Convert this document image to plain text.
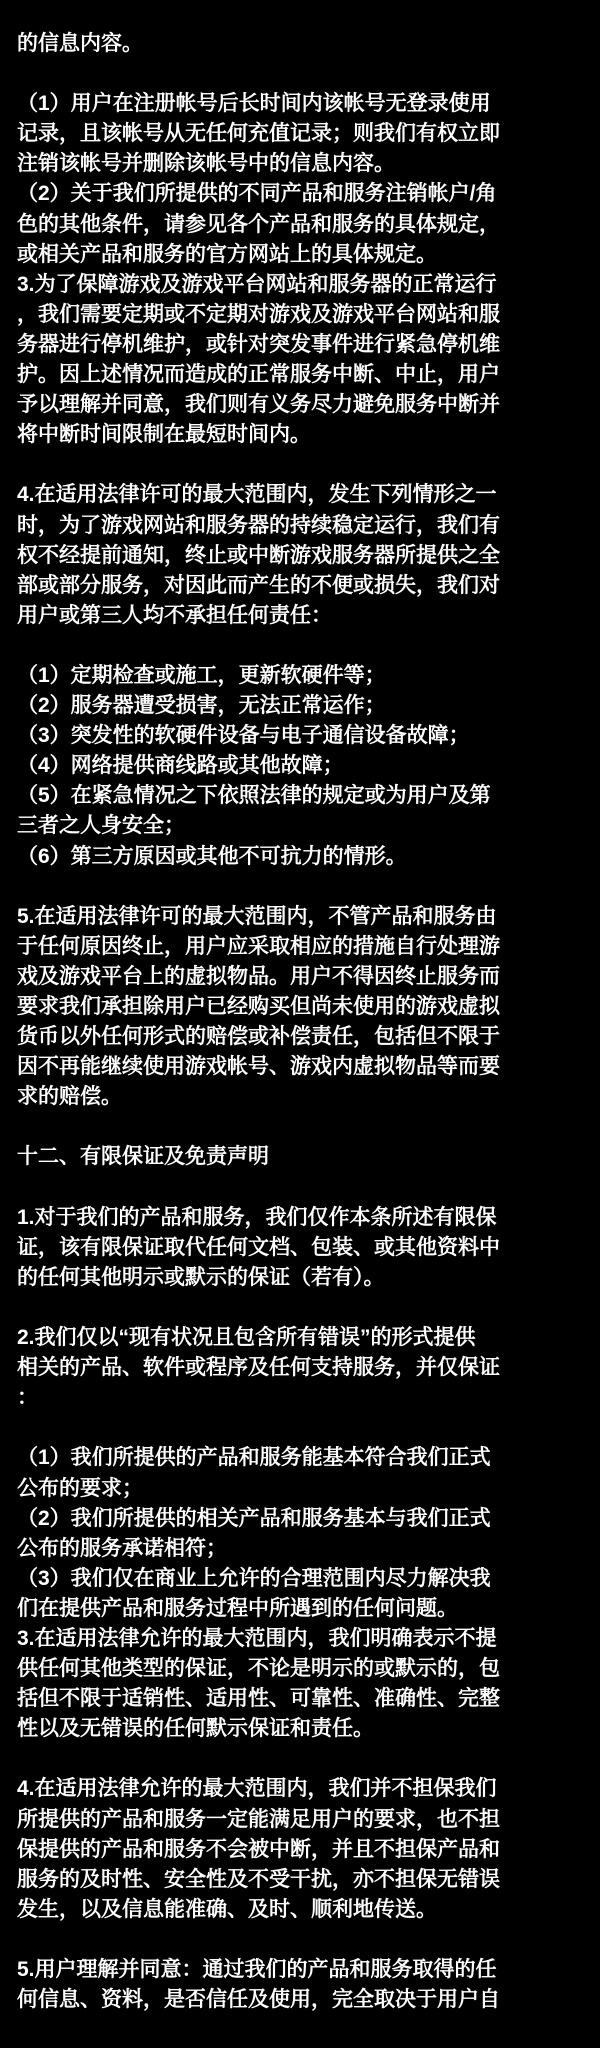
的信息内容。
（1）用户在注册帐号后长时间内该帐号无登录使用
记录，且该帐号从无任何充值记录；则我们有权立即
注销该帐号并删除该帐号中的信息内容。
（2）关于我们所提供的不同产品和服务注销帐户/角
色的其他条件，请参见各个产品和服务的具体规定，
或相关产品和服务的官方网站上的具体规定。
3.为了保障游戏及游戏平台网站和服务器的正常运行
，我们需要定期或不定期对游戏及游戏平台网站和服
务器进行停机维护，或针对突发事件进行紧急停机维
护。因上述情况而造成的正常服务中断、中止，用户
予以理解并同意，我们则有义务尽力避免服务中断并
将中断时间限制在最短时间内。
4.在适用法律许可的最大范围内，发生下列情形之一
时，为了游戏网站和服务器的持续稳定运行，我们有
权不经提前通知，终止或中断游戏服务器所提供之全
部或部分服务，对因此而产生的不便或损失，我们对
用户或第三人均不承担任何责任：
（1）定期检查或施工，更新软硬件等；
（2）服务器遭受损害，无法正常运作；
（3）突发性的软硬件设备与电子通信设备故障；
（4）网络提供商线路或其他故障；
（5）在紧急情况之下依照法律的规定或为用户及第
三者之人身安全；
（6）第三方原因或其他不可抗力的情形。
5.在适用法律许可的最大范围内，不管产品和服务由
于任何原因终止，用户应采取相应的措施自行处理游
戏及游戏平台上的虚拟物品。用户不得因终止服务而
要求我们承担除用户已经购买但尚未使用的游戏虚拟
货币以外任何形式的赔偿或补偿责任，包括但不限于
因不再能继续使用游戏帐号、游戏内虚拟物品等而要
求的赔偿。
十二、有限保证及免责声明
1.对于我们的产品和服务，我们仅作本条所述有限保
证，该有限保证取代任何文档、包装、或其他资料中
的任何其他明示或默示的保证（若有）。
2.我们仅以“现有状况且包含所有错误”的形式提供
相关的产品、软件或程序及任何支持服务，并仅保证
：
（1）我们所提供的产品和服务能基本符合我们正式
公布的要求；
（2）我们所提供的相关产品和服务基本与我们正式
公布的服务承诺相符；
（3）我们仅在商业上允许的合理范围内尽力解决我
们在提供产品和服务过程中所遇到的任何问题。
3.在适用法律允许的最大范围内，我们明确表示不提
供任何其他类型的保证，不论是明示的或默示的，包
括但不限于适销性、适用性、可靠性、准确性、完整
性以及无错误的任何默示保证和责任。
4.在适用法律允许的最大范围内，我们并不担保我们
所提供的产品和服务一定能满足用户的要求，也不担
保提供的产品和服务不会被中断，并且不担保产品和
服务的及时性、安全性及不受干扰，亦不担保无错误
发生，以及信息能准确、及时、顺利地传送。
5.用户理解并同意：通过我们的产品和服务取得的任
何信息、资料，是否信任及使用，完全取决于用户自
